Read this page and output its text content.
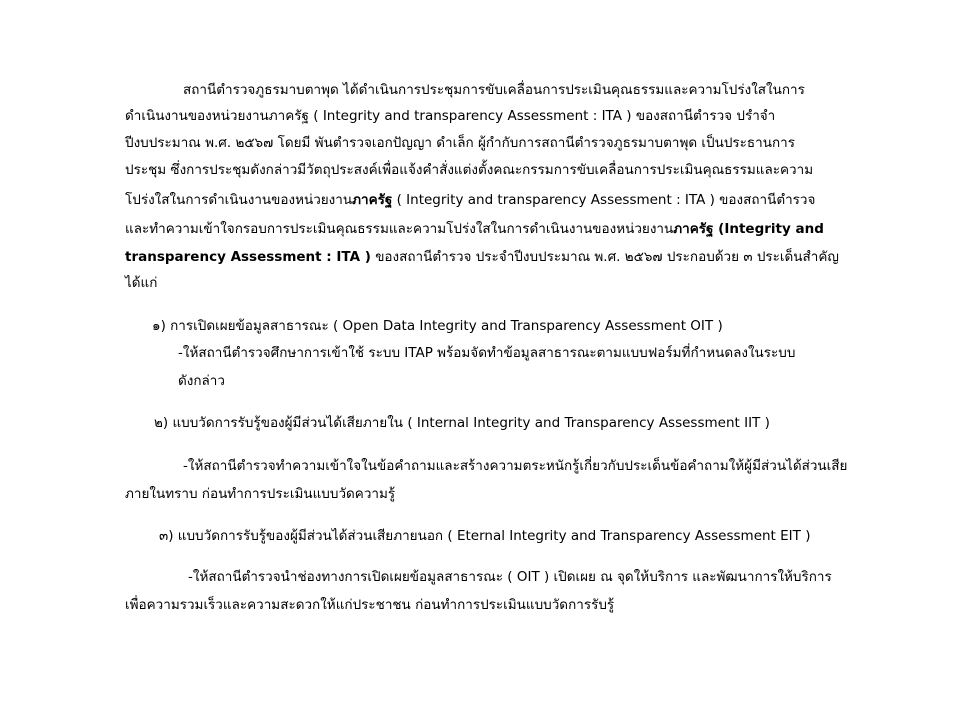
สถานีตำรวจภูธรมาบตาพุด ได้ดำเนินการประชุมการขับเคลื่อนการประเมินคุณธรรมและความโปร่งใสในการ

ดำเนินงานของหน่วยงานภาครัฐ ( Integrity and transparency Assessment : ITA ) ของสถานีตำรวจ ปรำจำ

ปีงบประมาณ พ.ศ. ๒๕๖๗ โดยมี พันตำรวจเอกปัญญา ดำเล็ก ผู้กำกับการสถานีตำรวจภูธรมาบตาพุด เป็นประธานการ

ประชุม ซึ่งการประชุมดังกล่าวมีวัตถุประสงค์เพื่อแจ้งคำสั่งแต่งตั้งคณะกรรมการขับเคลื่อนการประเมินคุณธรรมและความ

โปร่งใสในการดำเนินงานของหน่วยงานภาครัฐ ( Integrity and transparency Assessment : ITA ) ของสถานีตำรวจ

และทำความเข้าใจกรอบการประเมินคุณธรรมและความโปร่งใสในการดำเนินงานของหน่วยงานภาครัฐ (Integrity and

transparency Assessment : ITA ) ของสถานีตำรวจ ประจำปีงบประมาณ พ.ศ. ๒๕๖๗ ประกอบด้วย ๓ ประเด็นสำคัญ

ได้แก่

๑) การเปิดเผยข้อมูลสาธารณะ ( Open Data Integrity and Transparency Assessment OIT )

-ให้สถานีตำรวจศึกษาการเข้าใช้ ระบบ ITAP พร้อมจัดทำข้อมูลสาธารณะตามแบบฟอร์มที่กำหนดลงในระบบ

ดังกล่าว

๒) แบบวัดการรับรู้ของผู้มีส่วนได้เสียภายใน ( Internal Integrity and Transparency Assessment IIT )

-ให้สถานีตำรวจทำความเข้าใจในข้อคำถามและสร้างความตระหนักรู้เกี่ยวกับประเด็นข้อคำถามให้ผู้มีส่วนได้ส่วนเสีย

ภายในทราบ ก่อนทำการประเมินแบบวัดความรู้

๓) แบบวัดการรับรู้ของผู้มีส่วนได้ส่วนเสียภายนอก ( Eternal Integrity and Transparency Assessment EIT )

-ให้สถานีตำรวจนำช่องทางการเปิดเผยข้อมูลสาธารณะ ( OIT ) เปิดเผย ณ จุดให้บริการ และพัฒนาการให้บริการ

เพื่อความรวมเร็วและความสะดวกให้แก่ประชาชน ก่อนทำการประเมินแบบวัดการรับรู้
